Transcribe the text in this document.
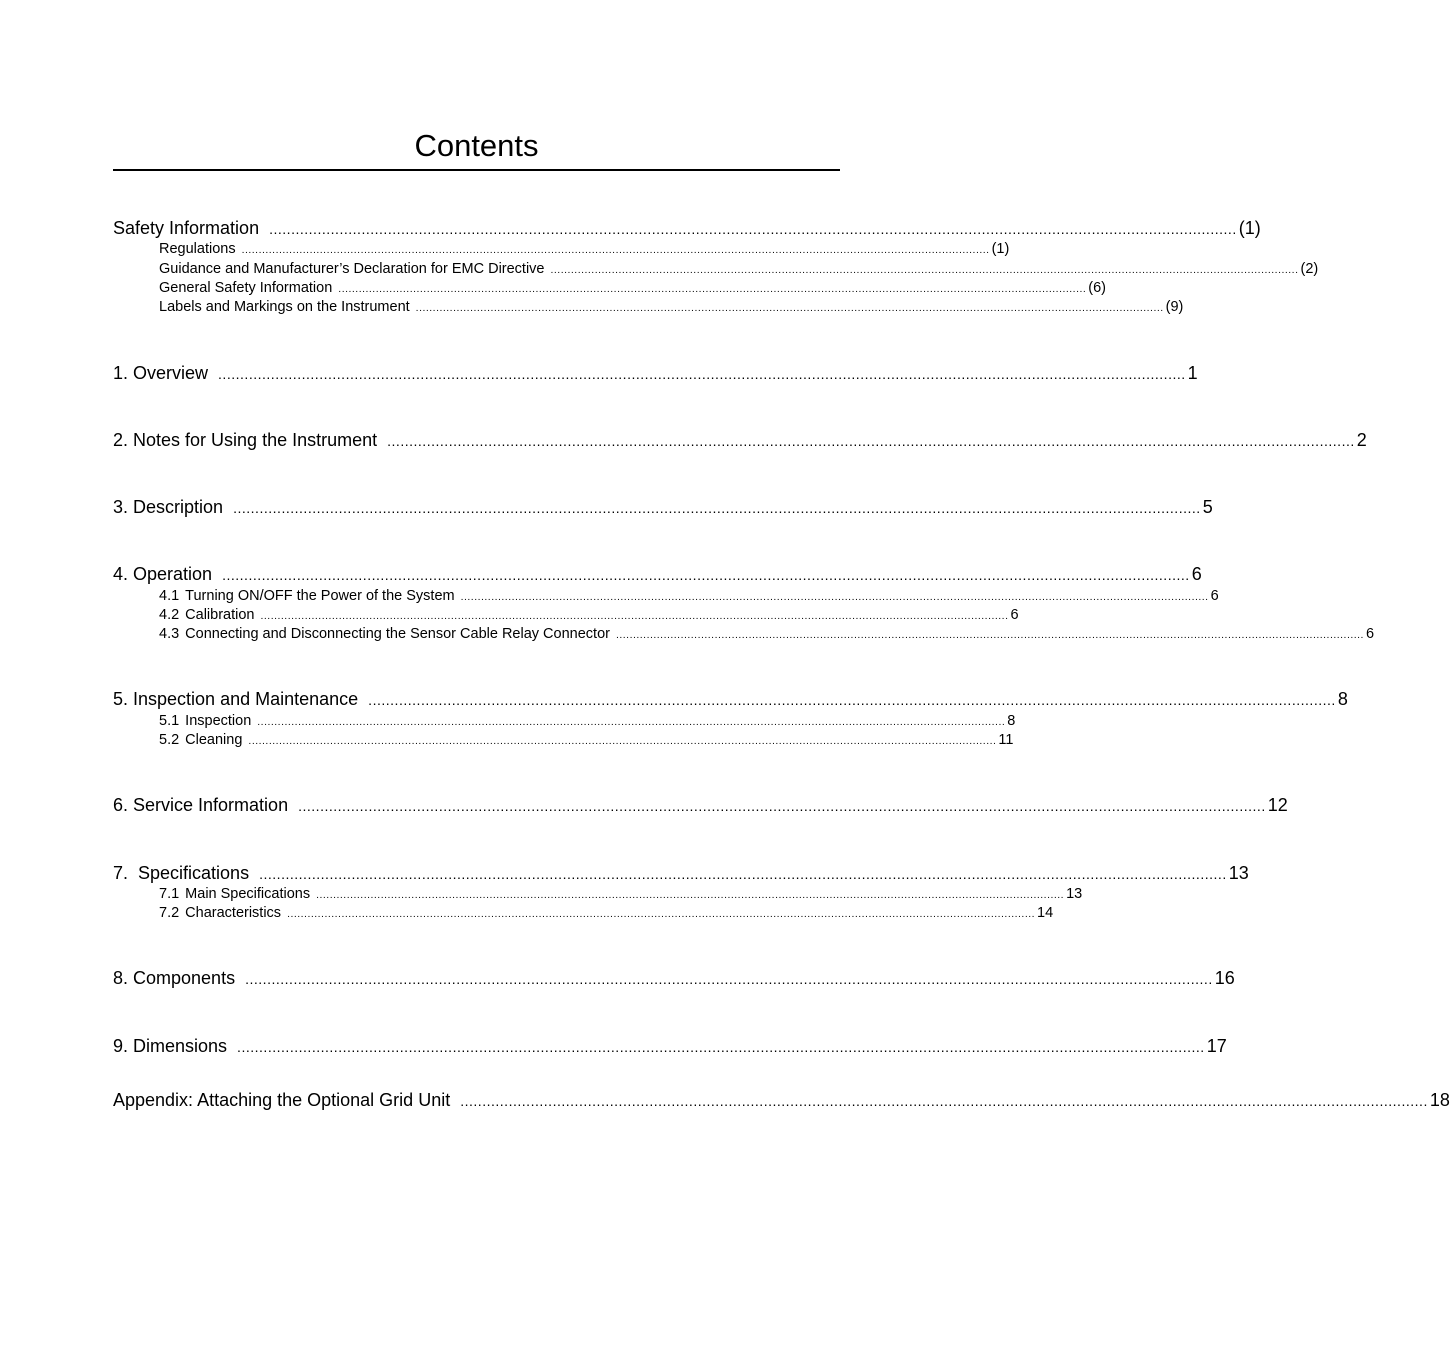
Contents
Safety Information ............................................................................................................................................................................................................................ (1)
Regulations ............................................................................................................................................................................................................................ (1)
Guidance and Manufacturer’s Declaration for EMC Directive ............................................................................................................................................................................................................................ (2)
General Safety Information ............................................................................................................................................................................................................................ (6)
Labels and Markings on the Instrument ............................................................................................................................................................................................................................ (9)
1. Overview ............................................................................................................................................................................................................................ 1
2. Notes for Using the Instrument ............................................................................................................................................................................................................................ 2
3. Description ............................................................................................................................................................................................................................ 5
4. Operation ............................................................................................................................................................................................................................ 6
4.1 Turning ON/OFF the Power of the System ............................................................................................................................................................................................................................ 6
4.2 Calibration ............................................................................................................................................................................................................................ 6
4.3 Connecting and Disconnecting the Sensor Cable Relay Connector ............................................................................................................................................................................................................................ 6
5. Inspection and Maintenance ............................................................................................................................................................................................................................ 8
5.1 Inspection ............................................................................................................................................................................................................................ 8
5.2 Cleaning ............................................................................................................................................................................................................................ 11
6. Service Information ............................................................................................................................................................................................................................ 12
7.  Specifications ............................................................................................................................................................................................................................ 13
7.1 Main Specifications ............................................................................................................................................................................................................................ 13
7.2 Characteristics ............................................................................................................................................................................................................................ 14
8. Components ............................................................................................................................................................................................................................ 16
9. Dimensions ............................................................................................................................................................................................................................ 17
Appendix: Attaching the Optional Grid Unit ............................................................................................................................................................................................................................ 18
